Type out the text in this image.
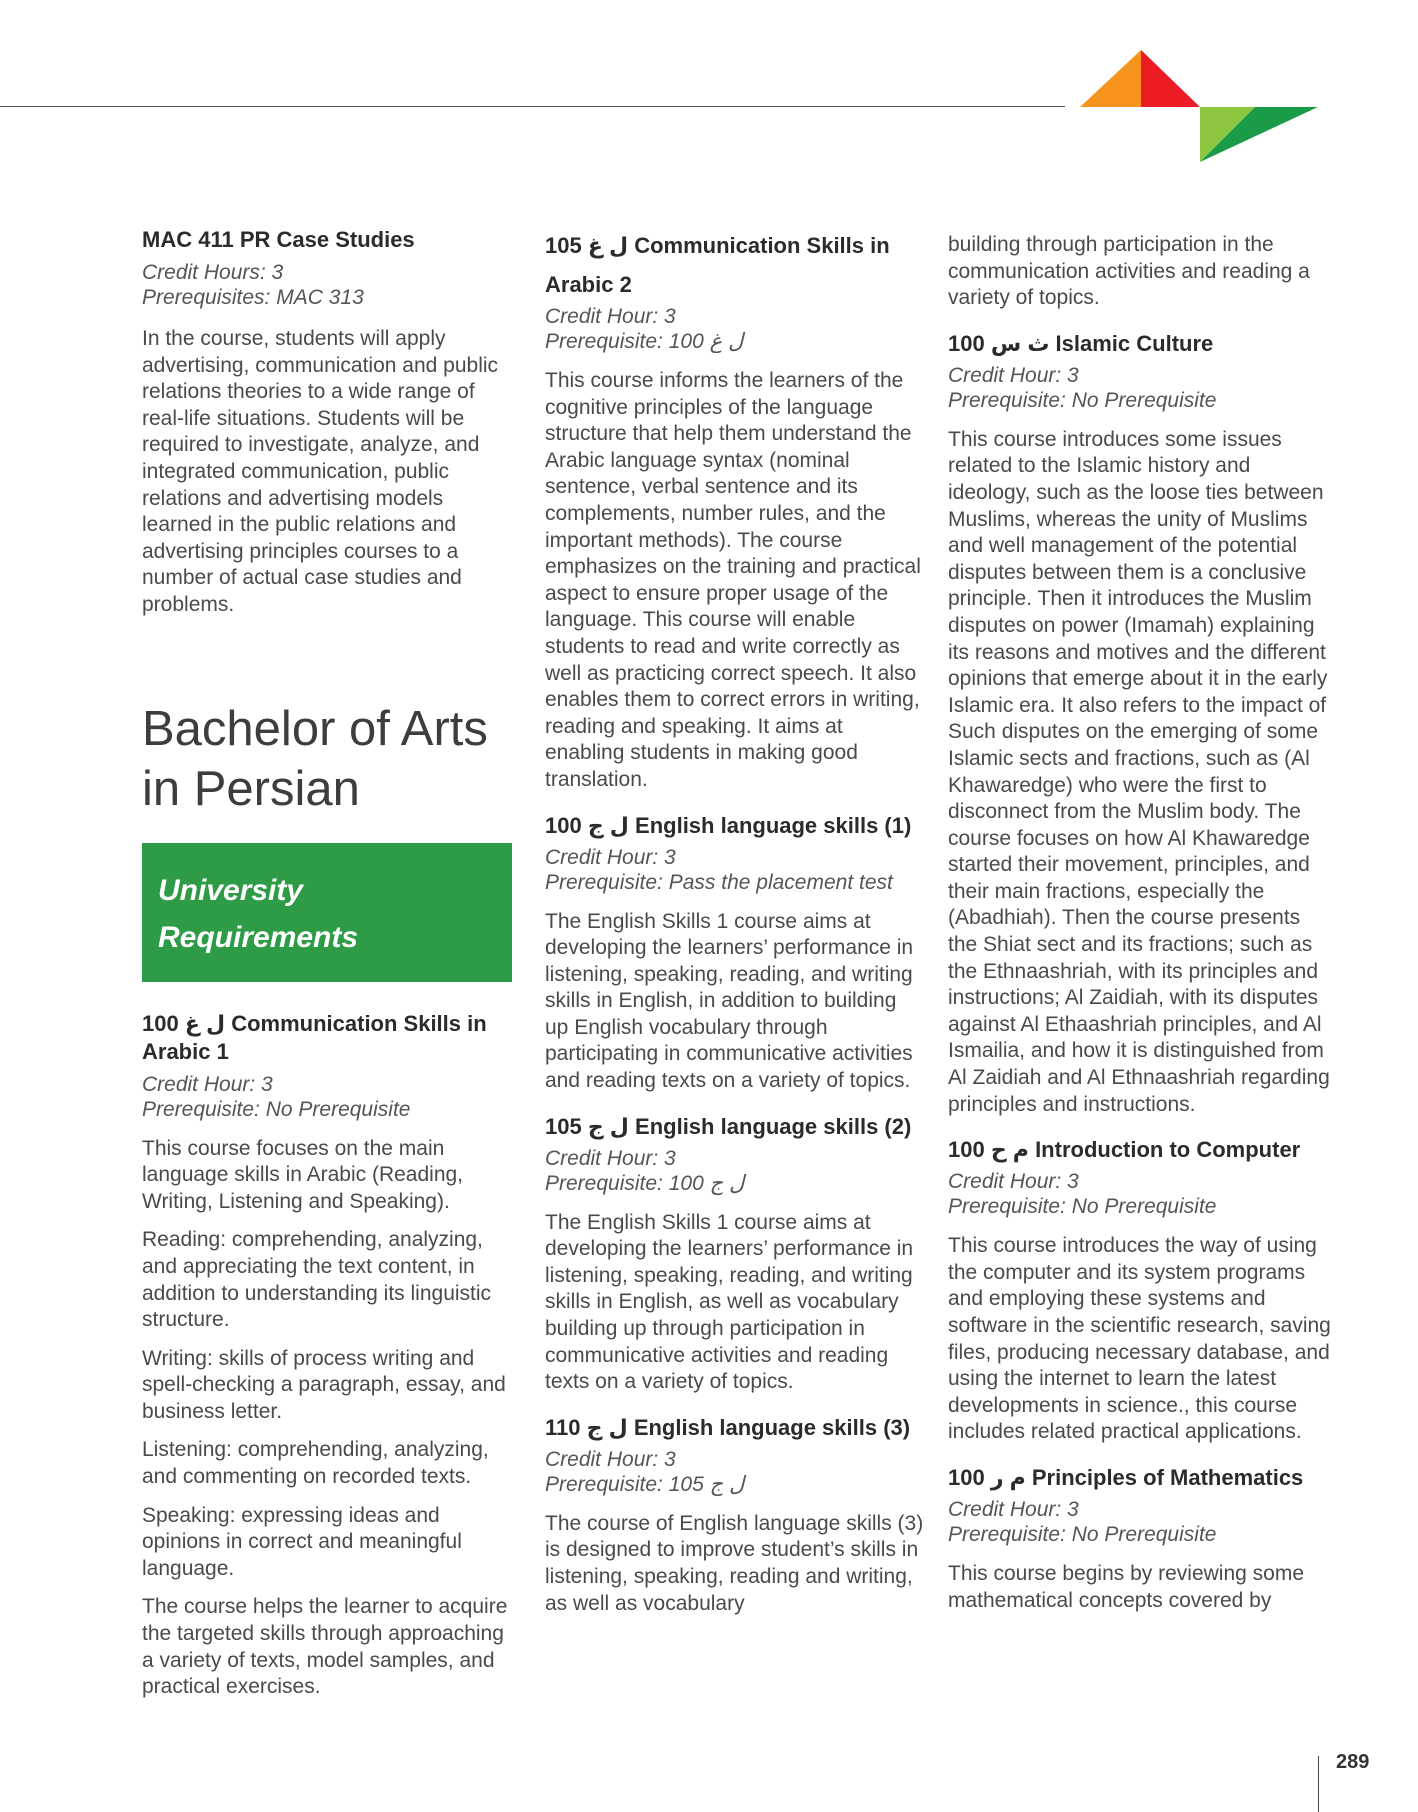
MAC 411 PR Case Studies
Credit Hours: 3
Prerequisites: MAC 313
In the course, students will apply advertising, communication and public relations theories to a wide range of real-life situations. Students will be required to investigate, analyze, and integrated communication, public relations and advertising models learned in the public relations and advertising principles courses to a number of actual case studies and problems.
Bachelor of Arts in Persian
University
Requirements
100 ل غ Communication Skills in Arabic 1
Credit Hour: 3
Prerequisite: No Prerequisite
This course focuses on the main language skills in Arabic (Reading, Writing, Listening and Speaking).
Reading: comprehending, analyzing, and appreciating the text content, in addition to understanding its linguistic structure.
Writing: skills of process writing and spell-checking a paragraph, essay, and business letter.
Listening: comprehending, analyzing, and commenting on recorded texts.
Speaking: expressing ideas and opinions in correct and meaningful language.
The course helps the learner to acquire the targeted skills through approaching a variety of texts, model samples, and practical exercises.
105 ل غ Communication Skills in
Arabic 2
Credit Hour: 3
Prerequisite: 100 ل غ
This course informs the learners of the cognitive principles of the language structure that help them understand the Arabic language syntax (nominal sentence, verbal sentence and its complements, number rules, and the important methods). The course emphasizes on the training and practical aspect to ensure proper usage of the language. This course will enable students to read and write correctly as well as practicing correct speech. It also enables them to correct errors in writing, reading and speaking. It aims at enabling students in making good translation.
100 ل ج English language skills (1)
Credit Hour: 3
Prerequisite: Pass the placement test
The English Skills 1 course aims at developing the learners’ performance in listening, speaking, reading, and writing skills in English, in addition to building up English vocabulary through participating in communicative activities and reading texts on a variety of topics.
105 ل ج English language skills (2)
Credit Hour: 3
Prerequisite: 100 ل ج
The English Skills 1 course aims at developing the learners’ performance in listening, speaking, reading, and writing skills in English, as well as vocabulary building up through participation in communicative activities and reading texts on a variety of topics.
110 ل ج English language skills (3)
Credit Hour: 3
Prerequisite: 105 ل ج
The course of English language skills (3) is designed to improve student’s skills in listening, speaking, reading and writing, as well as vocabulary
building through participation in the communication activities and reading a variety of topics.
100 ث س Islamic Culture
Credit Hour: 3
Prerequisite: No Prerequisite
This course introduces some issues related to the Islamic history and ideology, such as the loose ties between Muslims, whereas the unity of Muslims and well management of the potential disputes between them is a conclusive principle. Then it introduces the Muslim disputes on power (Imamah) explaining its reasons and motives and the different opinions that emerge about it in the early Islamic era. It also refers to the impact of Such disputes on the emerging of some Islamic sects and fractions, such as (Al Khawaredge) who were the first to disconnect from the Muslim body. The course focuses on how Al Khawaredge started their movement, principles, and their main fractions, especially the (Abadhiah). Then the course presents the Shiat sect and its fractions; such as the Ethnaashriah, with its principles and instructions; Al Zaidiah, with its disputes against Al Ethaashriah principles, and Al Ismailia, and how it is distinguished from Al Zaidiah and Al Ethnaashriah regarding principles and instructions.
100 م ح Introduction to Computer
Credit Hour: 3
Prerequisite: No Prerequisite
This course introduces the way of using the computer and its system programs and employing these systems and software in the scientific research, saving files, producing necessary database, and using the internet to learn the latest developments in science., this course includes related practical applications.
100 م ر Principles of Mathematics
Credit Hour: 3
Prerequisite: No Prerequisite
This course begins by reviewing some mathematical concepts covered by
289
